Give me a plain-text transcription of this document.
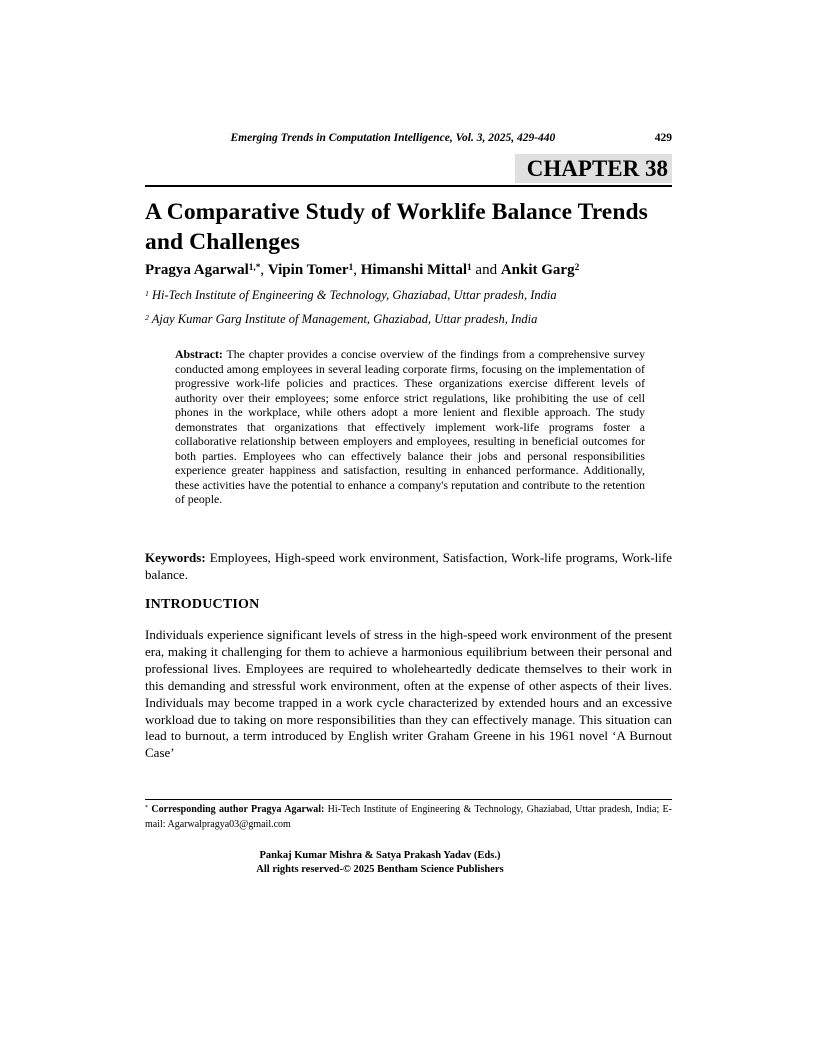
Emerging Trends in Computation Intelligence, Vol. 3, 2025, 429-440	429
CHAPTER 38
A Comparative Study of Worklife Balance Trends and Challenges
Pragya Agarwal$^{1,*}$, Vipin Tomer$^1$, Himanshi Mittal$^1$ and Ankit Garg$^2$
$^1$ Hi-Tech Institute of Engineering & Technology, Ghaziabad, Uttar pradesh, India
$^2$ Ajay Kumar Garg Institute of Management, Ghaziabad, Uttar pradesh, India

Abstract: The chapter provides a concise overview of the findings from a comprehensive survey conducted among employees in several leading corporate firms, focusing on the implementation of progressive work-life policies and practices. These organizations exercise different levels of authority over their employees; some enforce strict regulations, like prohibiting the use of cell phones in the workplace, while others adopt a more lenient and flexible approach. The study demonstrates that organizations that effectively implement work-life programs foster a collaborative relationship between employers and employees, resulting in beneficial outcomes for both parties. Employees who can effectively balance their jobs and personal responsibilities experience greater happiness and satisfaction, resulting in enhanced performance. Additionally, these activities have the potential to enhance a company's reputation and contribute to the retention of people.

Keywords: Employees, High-speed work environment, Satisfaction, Work-life programs, Work-life balance.

INTRODUCTION

Individuals experience significant levels of stress in the high-speed work environment of the present era, making it challenging for them to achieve a harmonious equilibrium between their personal and professional lives. Employees are required to wholeheartedly dedicate themselves to their work in this demanding and stressful work environment, often at the expense of other aspects of their lives. Individuals may become trapped in a work cycle characterized by extended hours and an excessive workload due to taking on more responsibilities than they can effectively manage. This situation can lead to burnout, a term introduced by English writer Graham Greene in his 1961 novel ‘A Burnout Case’

* Corresponding author Pragya Agarwal: Hi-Tech Institute of Engineering & Technology, Ghaziabad, Uttar pradesh, India; E-mail: Agarwalpragya03@gmail.com

Pankaj Kumar Mishra & Satya Prakash Yadav (Eds.)
All rights reserved-© 2025 Bentham Science Publishers
